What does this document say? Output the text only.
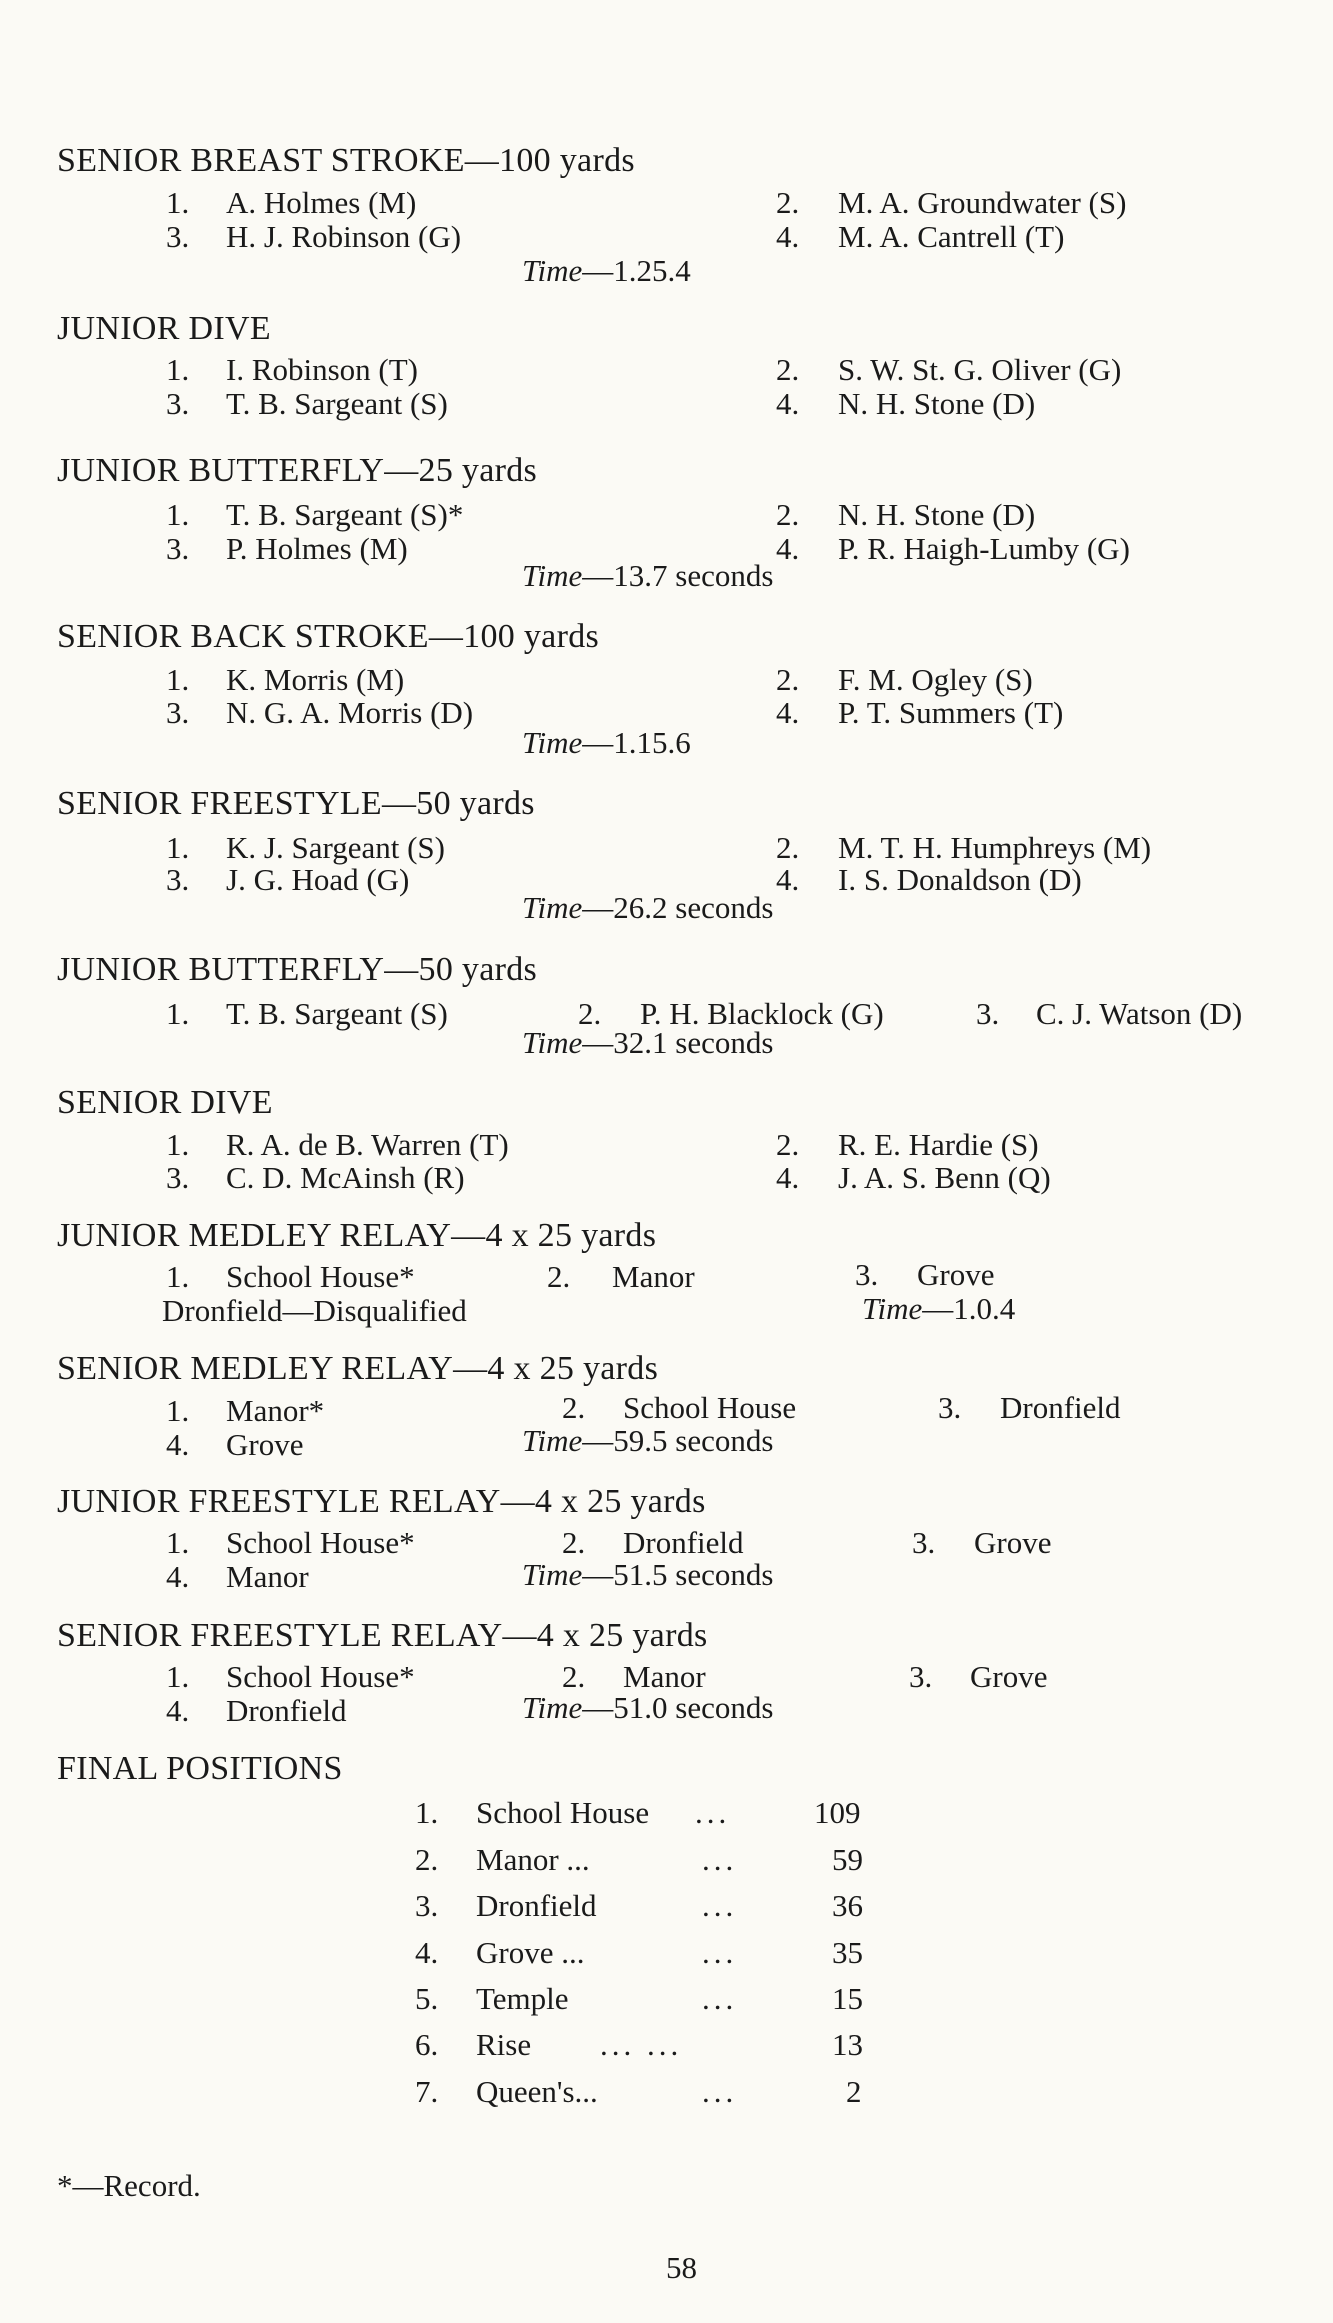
SENIOR BREAST STROKE—100 yards
1. A. Holmes (M)	2. M. A. Groundwater (S)
3. H. J. Robinson (G)	4. M. A. Cantrell (T)
Time—1.25.4
JUNIOR DIVE
1. I. Robinson (T)	2. S. W. St. G. Oliver (G)
3. T. B. Sargeant (S)	4. N. H. Stone (D)
JUNIOR BUTTERFLY—25 yards
1. T. B. Sargeant (S)*	2. N. H. Stone (D)
3. P. Holmes (M)	4. P. R. Haigh-Lumby (G)
Time—13.7 seconds
SENIOR BACK STROKE—100 yards
1. K. Morris (M)	2. F. M. Ogley (S)
3. N. G. A. Morris (D)	4. P. T. Summers (T)
Time—1.15.6
SENIOR FREESTYLE—50 yards
1. K. J. Sargeant (S)	2. M. T. H. Humphreys (M)
3. J. G. Hoad (G)	4. I. S. Donaldson (D)
Time—26.2 seconds
JUNIOR BUTTERFLY—50 yards
1. T. B. Sargeant (S)	2. P. H. Blacklock (G)	3. C. J. Watson (D)
Time—32.1 seconds
SENIOR DIVE
1. R. A. de B. Warren (T)	2. R. E. Hardie (S)
3. C. D. McAinsh (R)	4. J. A. S. Benn (Q)
JUNIOR MEDLEY RELAY—4 x 25 yards
1. School House*	2. Manor	3. Grove
Dronfield—Disqualified	Time—1.0.4
SENIOR MEDLEY RELAY—4 x 25 yards
1. Manor*	2. School House	3. Dronfield
4. Grove	Time—59.5 seconds
JUNIOR FREESTYLE RELAY—4 x 25 yards
1. School House*	2. Dronfield	3. Grove
4. Manor	Time—51.5 seconds
SENIOR FREESTYLE RELAY—4 x 25 yards
1. School House*	2. Manor	3. Grove
4. Dronfield	Time—51.0 seconds
FINAL POSITIONS
1. School House ...	109
2. Manor ...	...	59
3. Dronfield	...	36
4. Grove ...	...	35
5. Temple	...	15
6. Rise ... ...	13
7. Queen's...	...	2
*—Record.
58
